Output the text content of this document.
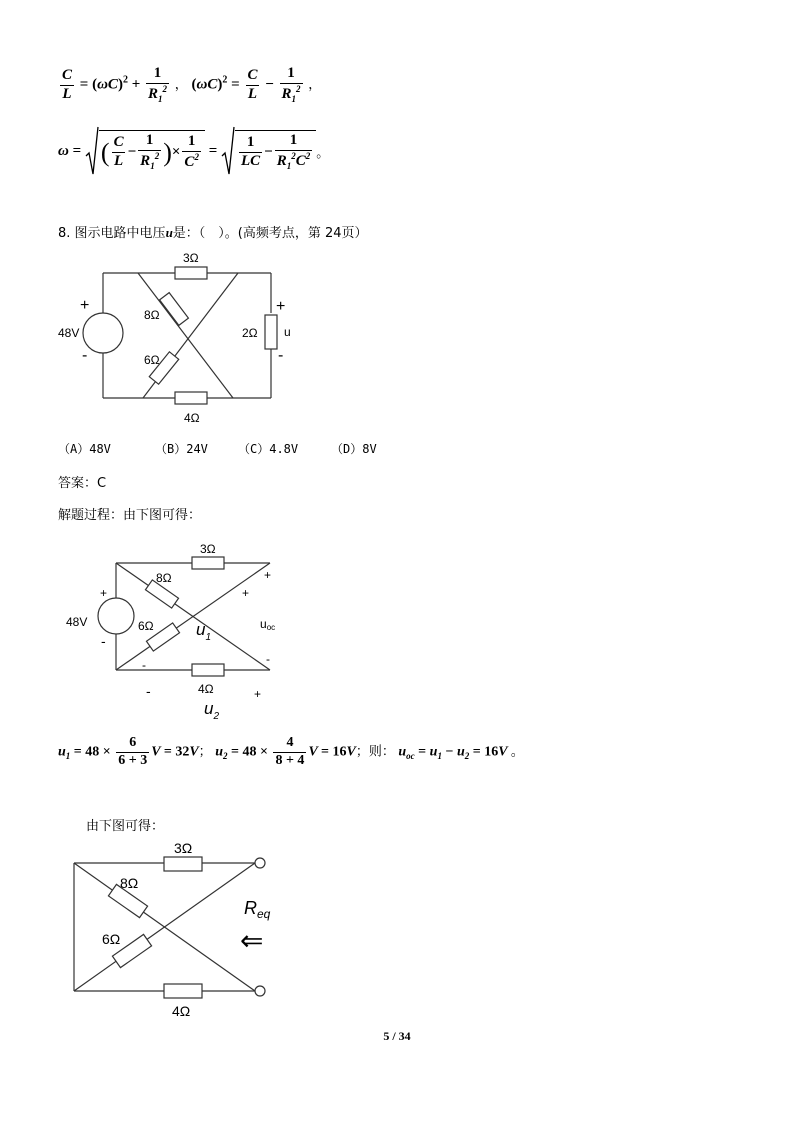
$\frac{C}{L} = (\omega C)^2 + \frac{1}{R_1^2}$ ， $(\omega C)^2 = \frac{C}{L} - \frac{1}{R_1^2}$ ，
ω
=
( $\frac{C}{L} - \frac{1}{R_1^2}$ ) × $\frac{1}{C^2}$
=
$\frac{1}{LC} - \frac{1}{R_1^2C^2}$ 。
8. 图示电路中电压u是：（　）。(高频考点，第 24页）
+
-
48V
3Ω
8Ω
6Ω
4Ω
2Ω u
+
-
（A）48V	（B）24V	（C）4.8V	（D）8V
答案：C
解题过程：由下图可得：
+
-
48V
3Ω
8Ω
6Ω
4Ω
+
+
-
-
-	+
uoc
$u_1$
$u_2$
$u_1 = 48 \times \frac{6}{6 + 3}$ V = 32V； $u_2 = 48 \times \frac{4}{8 + 4}$ V = 16V；则： $u_{oc} = u_1 - u_2 = 16V$ 。
由下图可得：
3Ω
8Ω
6Ω
4Ω
$R_{eq}$
⇐
5 / 34
